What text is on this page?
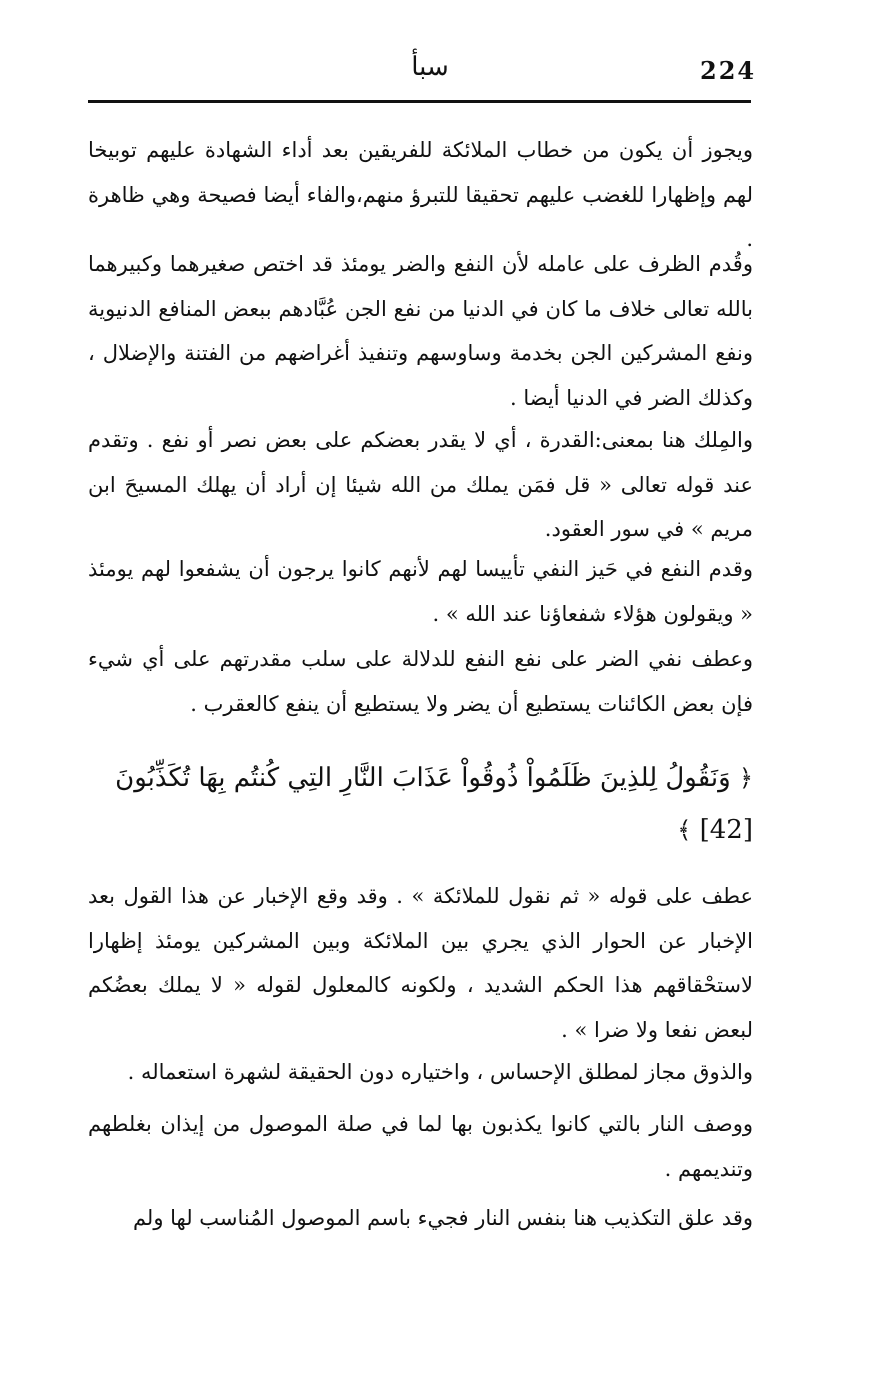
224
سبأ

ويجوز أن يكون من خطاب الملائكة للفريقين بعد أداء الشهادة عليهم توبيخا لهم وإظهارا للغضب عليهم تحقيقا للتبرؤ منهم،والفاء أيضا فصيحة وهي ظاهرة .

وقُدم الظرف على عامله لأن النفع والضر يومئذ قد اختص صغيرهما وكبيرهما بالله تعالى خلاف ما كان في الدنيا من نفع الجن عُبَّادهم ببعض المنافع الدنيوية ونفع المشركين الجن بخدمة وساوسهم وتنفيذ أغراضهم من الفتنة والإضلال ، وكذلك الضر في الدنيا أيضا .

والمِلك هنا بمعنى:القدرة ، أي لا يقدر بعضكم على بعض نصر أو نفع . وتقدم عند قوله تعالى « قل فمَن يملك من الله شيئا إن أراد أن يهلك المسيحَ ابن مريم » في سور العقود.

وقدم النفع في حَيز النفي تأييسا لهم لأنهم كانوا يرجون أن يشفعوا لهم يومئذ « ويقولون هؤلاء شفعاؤنا عند الله » .

وعطف نفي الضر على نفع النفع للدلالة على سلب مقدرتهم على أي شيء فإن بعض الكائنات يستطيع أن يضر ولا يستطيع أن ينفع كالعقرب .

﴿ وَنَقُولُ لِلذِينَ ظَلَمُواْ ذُوقُواْ عَذَابَ النَّارِ التِي كُنتُم بِهَا تُكَذِّبُونَ [42] ﴾

عطف على قوله « ثم نقول للملائكة » . وقد وقع الإخبار عن هذا القول بعد الإخبار عن الحوار الذي يجري بين الملائكة وبين المشركين يومئذ إظهارا لاستحْقاقهم هذا الحكم الشديد ، ولكونه كالمعلول لقوله « لا يملك بعضُكم لبعض نفعا ولا ضرا » .

والذوق مجاز لمطلق الإحساس ، واختياره دون الحقيقة لشهرة استعماله .

ووصف النار بالتي كانوا يكذبون بها لما في صلة الموصول من إيذان بغلطهم وتنديمهم .

وقد علق التكذيب هنا بنفس النار فجيء باسم الموصول المُناسب لها ولم
